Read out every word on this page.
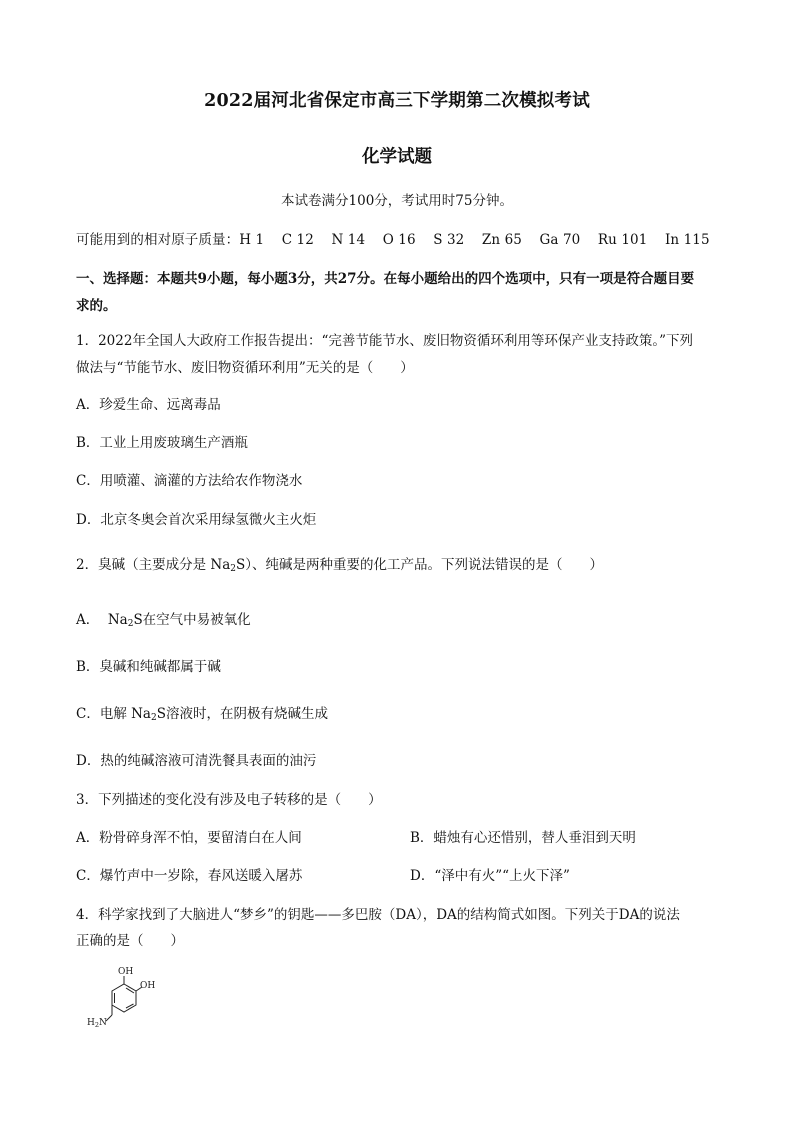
2022届河北省保定市高三下学期第二次模拟考试
化学试题
本试卷满分100分，考试用时75分钟。
可能用到的相对原子质量：H 1    C 12    N 14    O 16    S 32    Zn 65    Ga 70    Ru 101    In 115
一、选择题：本题共9小题，每小题3分，共27分。在每小题给出的四个选项中，只有一项是符合题目要
求的。
1．2022年全国人大政府工作报告提出：“完善节能节水、废旧物资循环利用等环保产业支持政策。”下列
做法与“节能节水、废旧物资循环利用”无关的是（　　）
A．珍爱生命、远离毒品
B．工业上用废玻璃生产酒瓶
C．用喷灌、滴灌的方法给农作物浇水
D．北京冬奥会首次采用绿氢微火主火炬
2．臭碱（主要成分是 $Na_2S$）、纯碱是两种重要的化工产品。下列说法错误的是（　　）
A．  $Na_2S$在空气中易被氧化
B．臭碱和纯碱都属于碱
C．电解 $Na_2S$溶液时，在阴极有烧碱生成
D．热的纯碱溶液可清洗餐具表面的油污
3．下列描述的变化没有涉及电子转移的是（　　）
A．粉骨碎身浑不怕，要留清白在人间	B．蜡烛有心还惜别，替人垂泪到天明
C．爆竹声中一岁除，春风送暖入屠苏	D．“泽中有火”“上火下泽”
4．科学家找到了大脑进人“梦乡”的钥匙——多巴胺（DA），DA的结构简式如图。下列关于DA的说法
正确的是（　　）
OH
OH
$H_2N$
